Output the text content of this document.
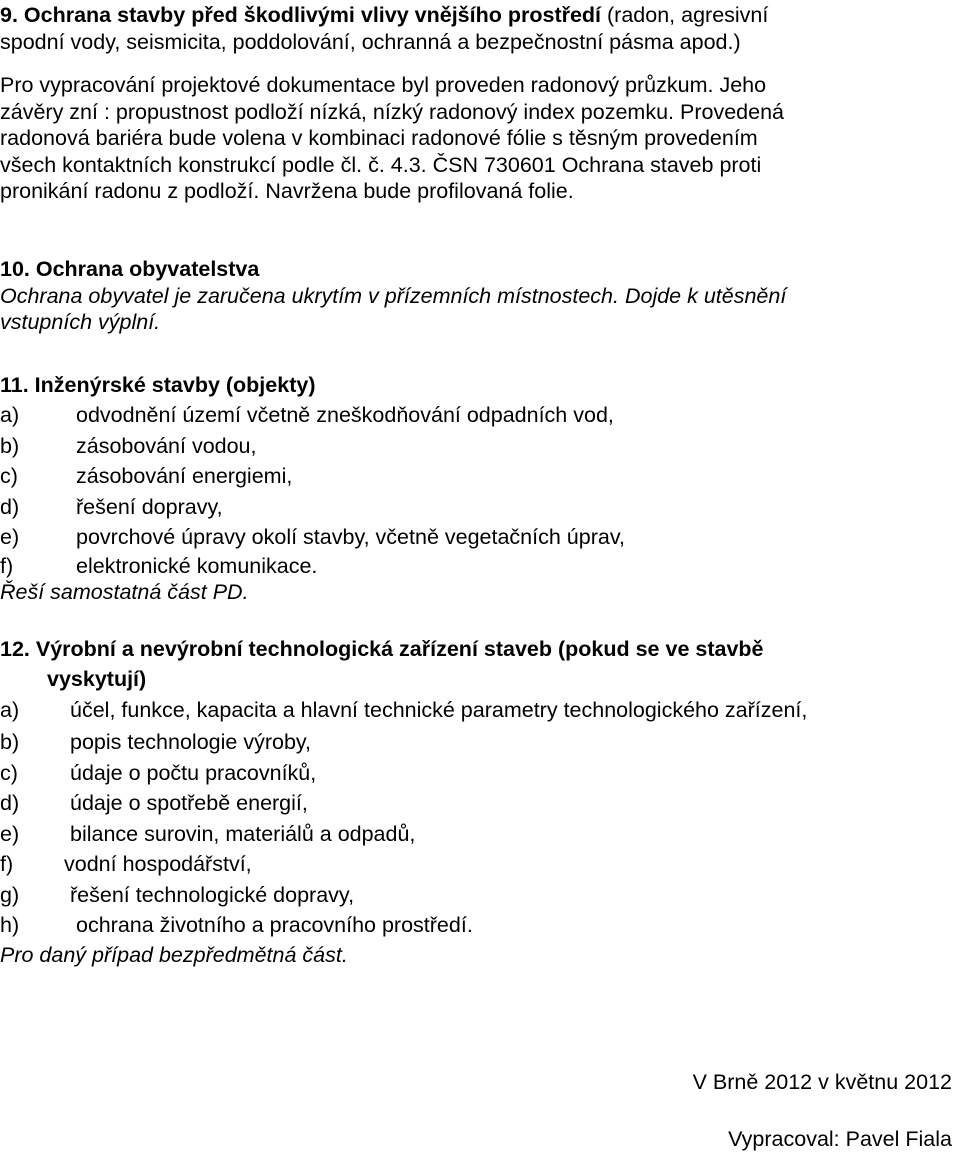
9. Ochrana stavby před škodlivými vlivy vnějšího prostředí (radon, agresivní
spodní vody, seismicita, poddolování, ochranná a bezpečnostní pásma apod.)
Pro vypracování projektové dokumentace byl proveden radonový průzkum. Jeho
závěry zní : propustnost podloží nízká, nízký radonový index pozemku. Provedená
radonová bariéra bude volena v kombinaci radonové fólie s těsným provedením
všech kontaktních konstrukcí podle čl. č. 4.3. ČSN 730601 Ochrana staveb proti
pronikání radonu z podloží. Navržena bude profilovaná folie.
10. Ochrana obyvatelstva
Ochrana obyvatel je zaručena ukrytím v přízemních místnostech. Dojde k utěsnění
vstupních výplní.
11. Inženýrské stavby (objekty)
a)	odvodnění území včetně zneškodňování odpadních vod,
b)	zásobování vodou,
c)	zásobování energiemi,
d)	řešení dopravy,
e)	povrchové úpravy okolí stavby, včetně vegetačních úprav,
f)	elektronické komunikace.
Řeší samostatná část PD.
12. Výrobní a nevýrobní technologická zařízení staveb (pokud se ve stavbě
vyskytují)
a)	účel, funkce, kapacita a hlavní technické parametry technologického zařízení,
b)	popis technologie výroby,
c)	údaje o počtu pracovníků,
d)	údaje o spotřebě energií,
e)	bilance surovin, materiálů a odpadů,
f)	vodní hospodářství,
g)	řešení technologické dopravy,
h)	ochrana životního a pracovního prostředí.
Pro daný případ bezpředmětná část.
V Brně 2012 v květnu 2012
Vypracoval: Pavel Fiala
